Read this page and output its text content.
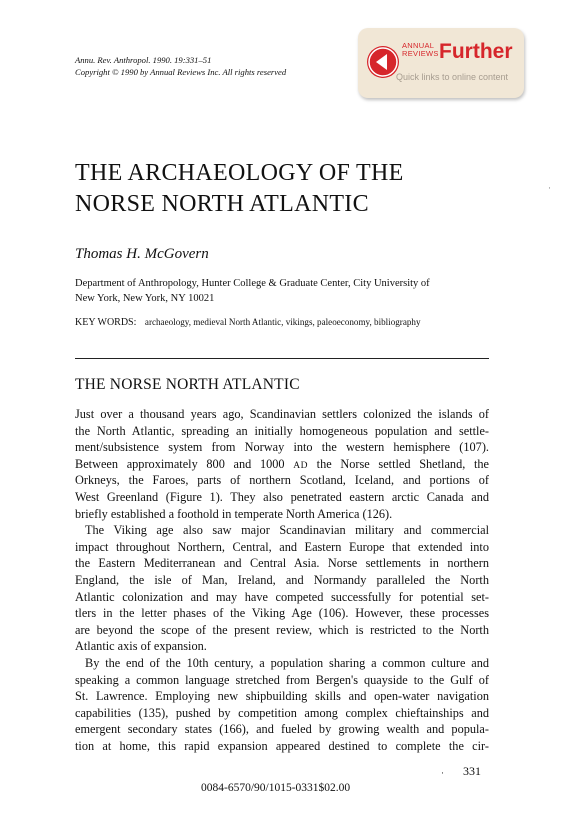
Annu. Rev. Anthropol. 1990. 19:331–51
Copyright © 1990 by Annual Reviews Inc. All rights reserved
ANNUAL
REVIEWS Further
Quick links to online content
·
THE ARCHAEOLOGY OF THE
NORSE NORTH ATLANTIC
Thomas H. McGovern
Department of Anthropology, Hunter College & Graduate Center, City University of
New York, New York, NY 10021
KEY WORDS: archaeology, medieval North Atlantic, vikings, paleoeconomy, bibliography
THE NORSE NORTH ATLANTIC
Just over a thousand years ago, Scandinavian settlers colonized the islands of
the North Atlantic, spreading an initially homogeneous population and settle-
ment/subsistence system from Norway into the western hemisphere (107).
Between approximately 800 and 1000 AD the Norse settled Shetland, the
Orkneys, the Faroes, parts of northern Scotland, Iceland, and portions of
West Greenland (Figure 1). They also penetrated eastern arctic Canada and
briefly established a foothold in temperate North America (126).
The Viking age also saw major Scandinavian military and commercial
impact throughout Northern, Central, and Eastern Europe that extended into
the Eastern Mediterranean and Central Asia. Norse settlements in northern
England, the isle of Man, Ireland, and Normandy paralleled the North
Atlantic colonization and may have competed successfully for potential set-
tlers in the letter phases of the Viking Age (106). However, these processes
are beyond the scope of the present review, which is restricted to the North
Atlantic axis of expansion.
By the end of the 10th century, a population sharing a common culture and
speaking a common language stretched from Bergen's quayside to the Gulf of
St. Lawrence. Employing new shipbuilding skills and open-water navigation
capabilities (135), pushed by competition among complex chieftainships and
emergent secondary states (166), and fueled by growing wealth and popula-
tion at home, this rapid expansion appeared destined to complete the cir-
· 331
0084-6570/90/1015-0331$02.00
